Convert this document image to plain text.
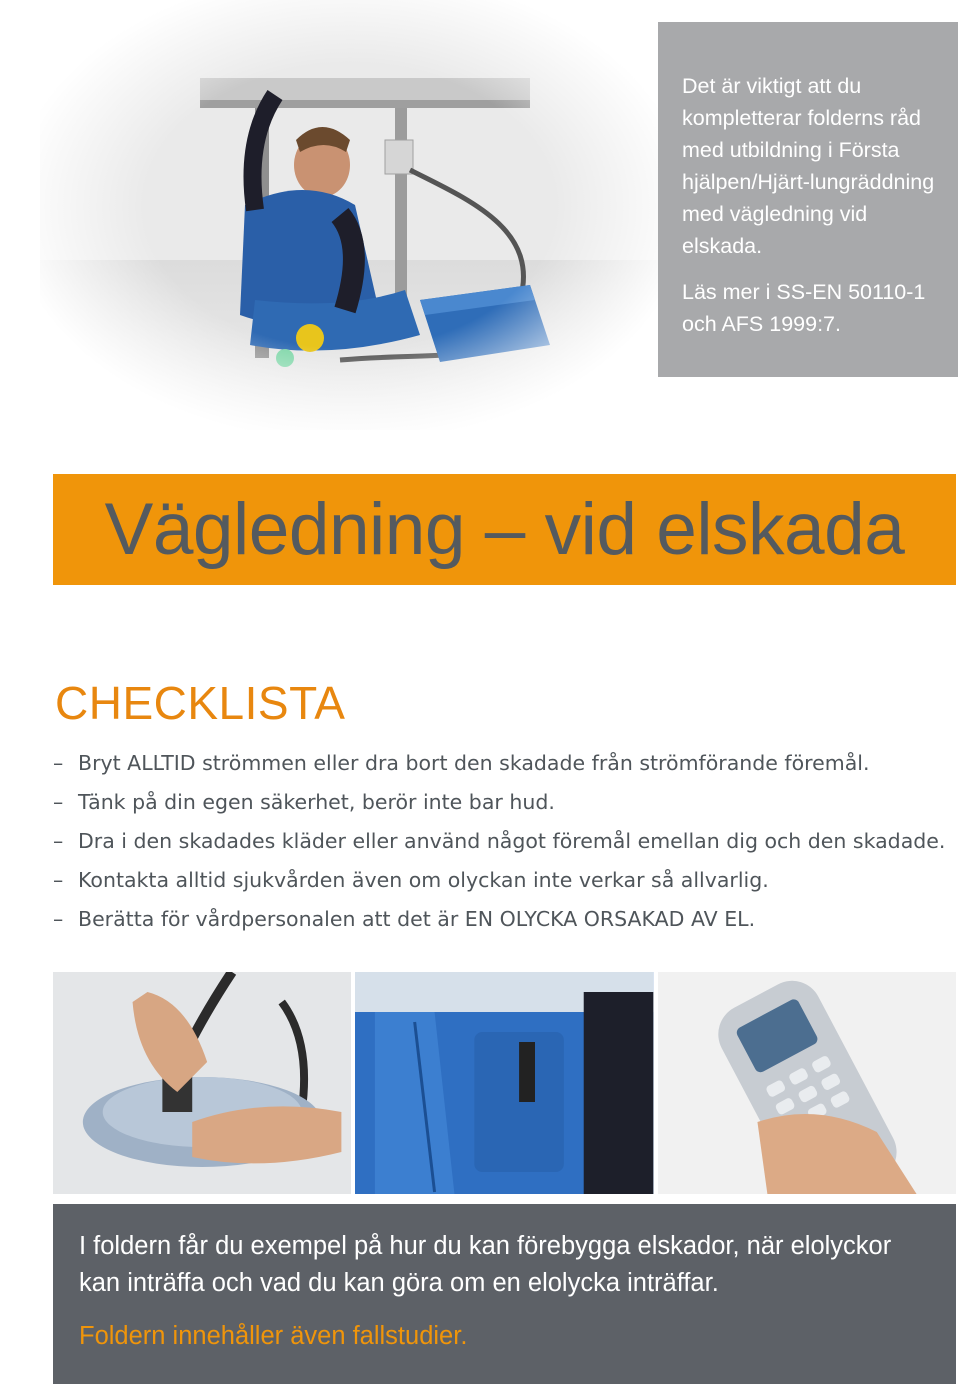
Det är viktigt att du kompletterar folderns råd med utbildning i Första hjälpen/Hjärt-lungräddning med vägledning vid elskada.

Läs mer i SS-EN 50110-1 och AFS 1999:7.

Vägledning – vid elskada
CHECKLISTA
– Bryt ALLTID strömmen eller dra bort den skadade från strömförande föremål.
– Tänk på din egen säkerhet, berör inte bar hud.
– Dra i den skadades kläder eller använd något föremål emellan dig och den skadade.
– Kontakta alltid sjukvården även om olyckan inte verkar så allvarlig.
– Berätta för vårdpersonalen att det är EN OLYCKA ORSAKAD AV EL.

I foldern får du exempel på hur du kan förebygga elskador, när elolyckor kan inträffa och vad du kan göra om en elolycka inträffar.

Foldern innehåller även fallstudier.
